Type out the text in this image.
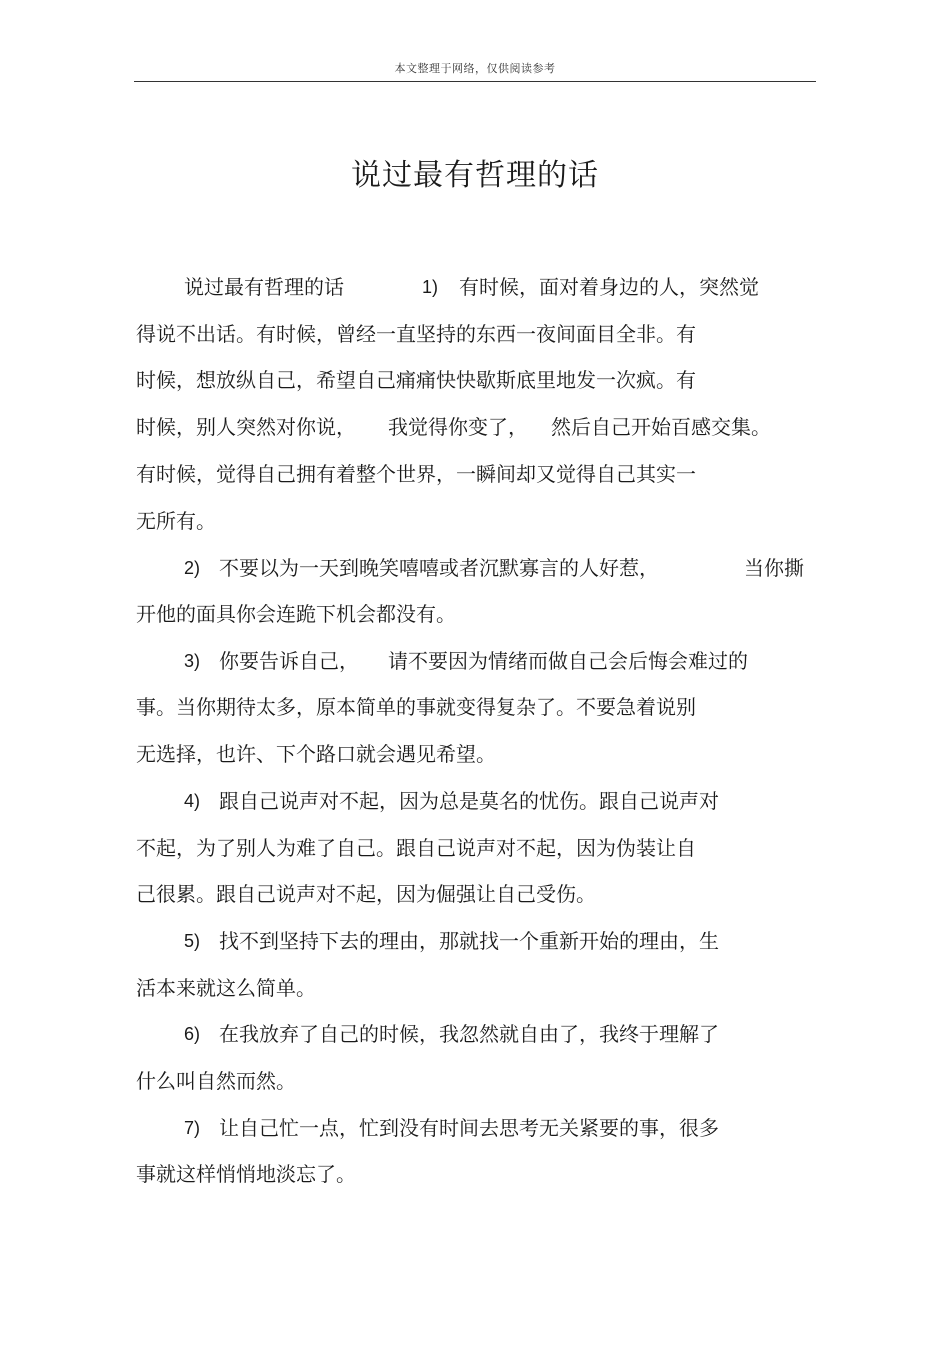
本文整理于网络，仅供阅读参考
说过最有哲理的话
说过最有哲理的话	1) 有时候，面对着身边的人，突然觉
得说不出话。有时候，曾经一直坚持的东西一夜间面目全非。有
时候，想放纵自己，希望自己痛痛快快歇斯底里地发一次疯。有
时候，别人突然对你说， 我觉得你变了， 然后自己开始百感交集。
有时候，觉得自己拥有着整个世界，一瞬间却又觉得自己其实一
无所有。
2) 不要以为一天到晚笑嘻嘻或者沉默寡言的人好惹，	当你撕
开他的面具你会连跪下机会都没有。
3) 你要告诉自己， 请不要因为情绪而做自己会后悔会难过的
事。当你期待太多，原本简单的事就变得复杂了。不要急着说别
无选择，也许、下个路口就会遇见希望。
4) 跟自己说声对不起，因为总是莫名的忧伤。跟自己说声对
不起，为了别人为难了自己。跟自己说声对不起，因为伪装让自
己很累。跟自己说声对不起，因为倔强让自己受伤。
5) 找不到坚持下去的理由，那就找一个重新开始的理由，生
活本来就这么简单。
6) 在我放弃了自己的时候，我忽然就自由了，我终于理解了
什么叫自然而然。
7) 让自己忙一点，忙到没有时间去思考无关紧要的事，很多
事就这样悄悄地淡忘了。
